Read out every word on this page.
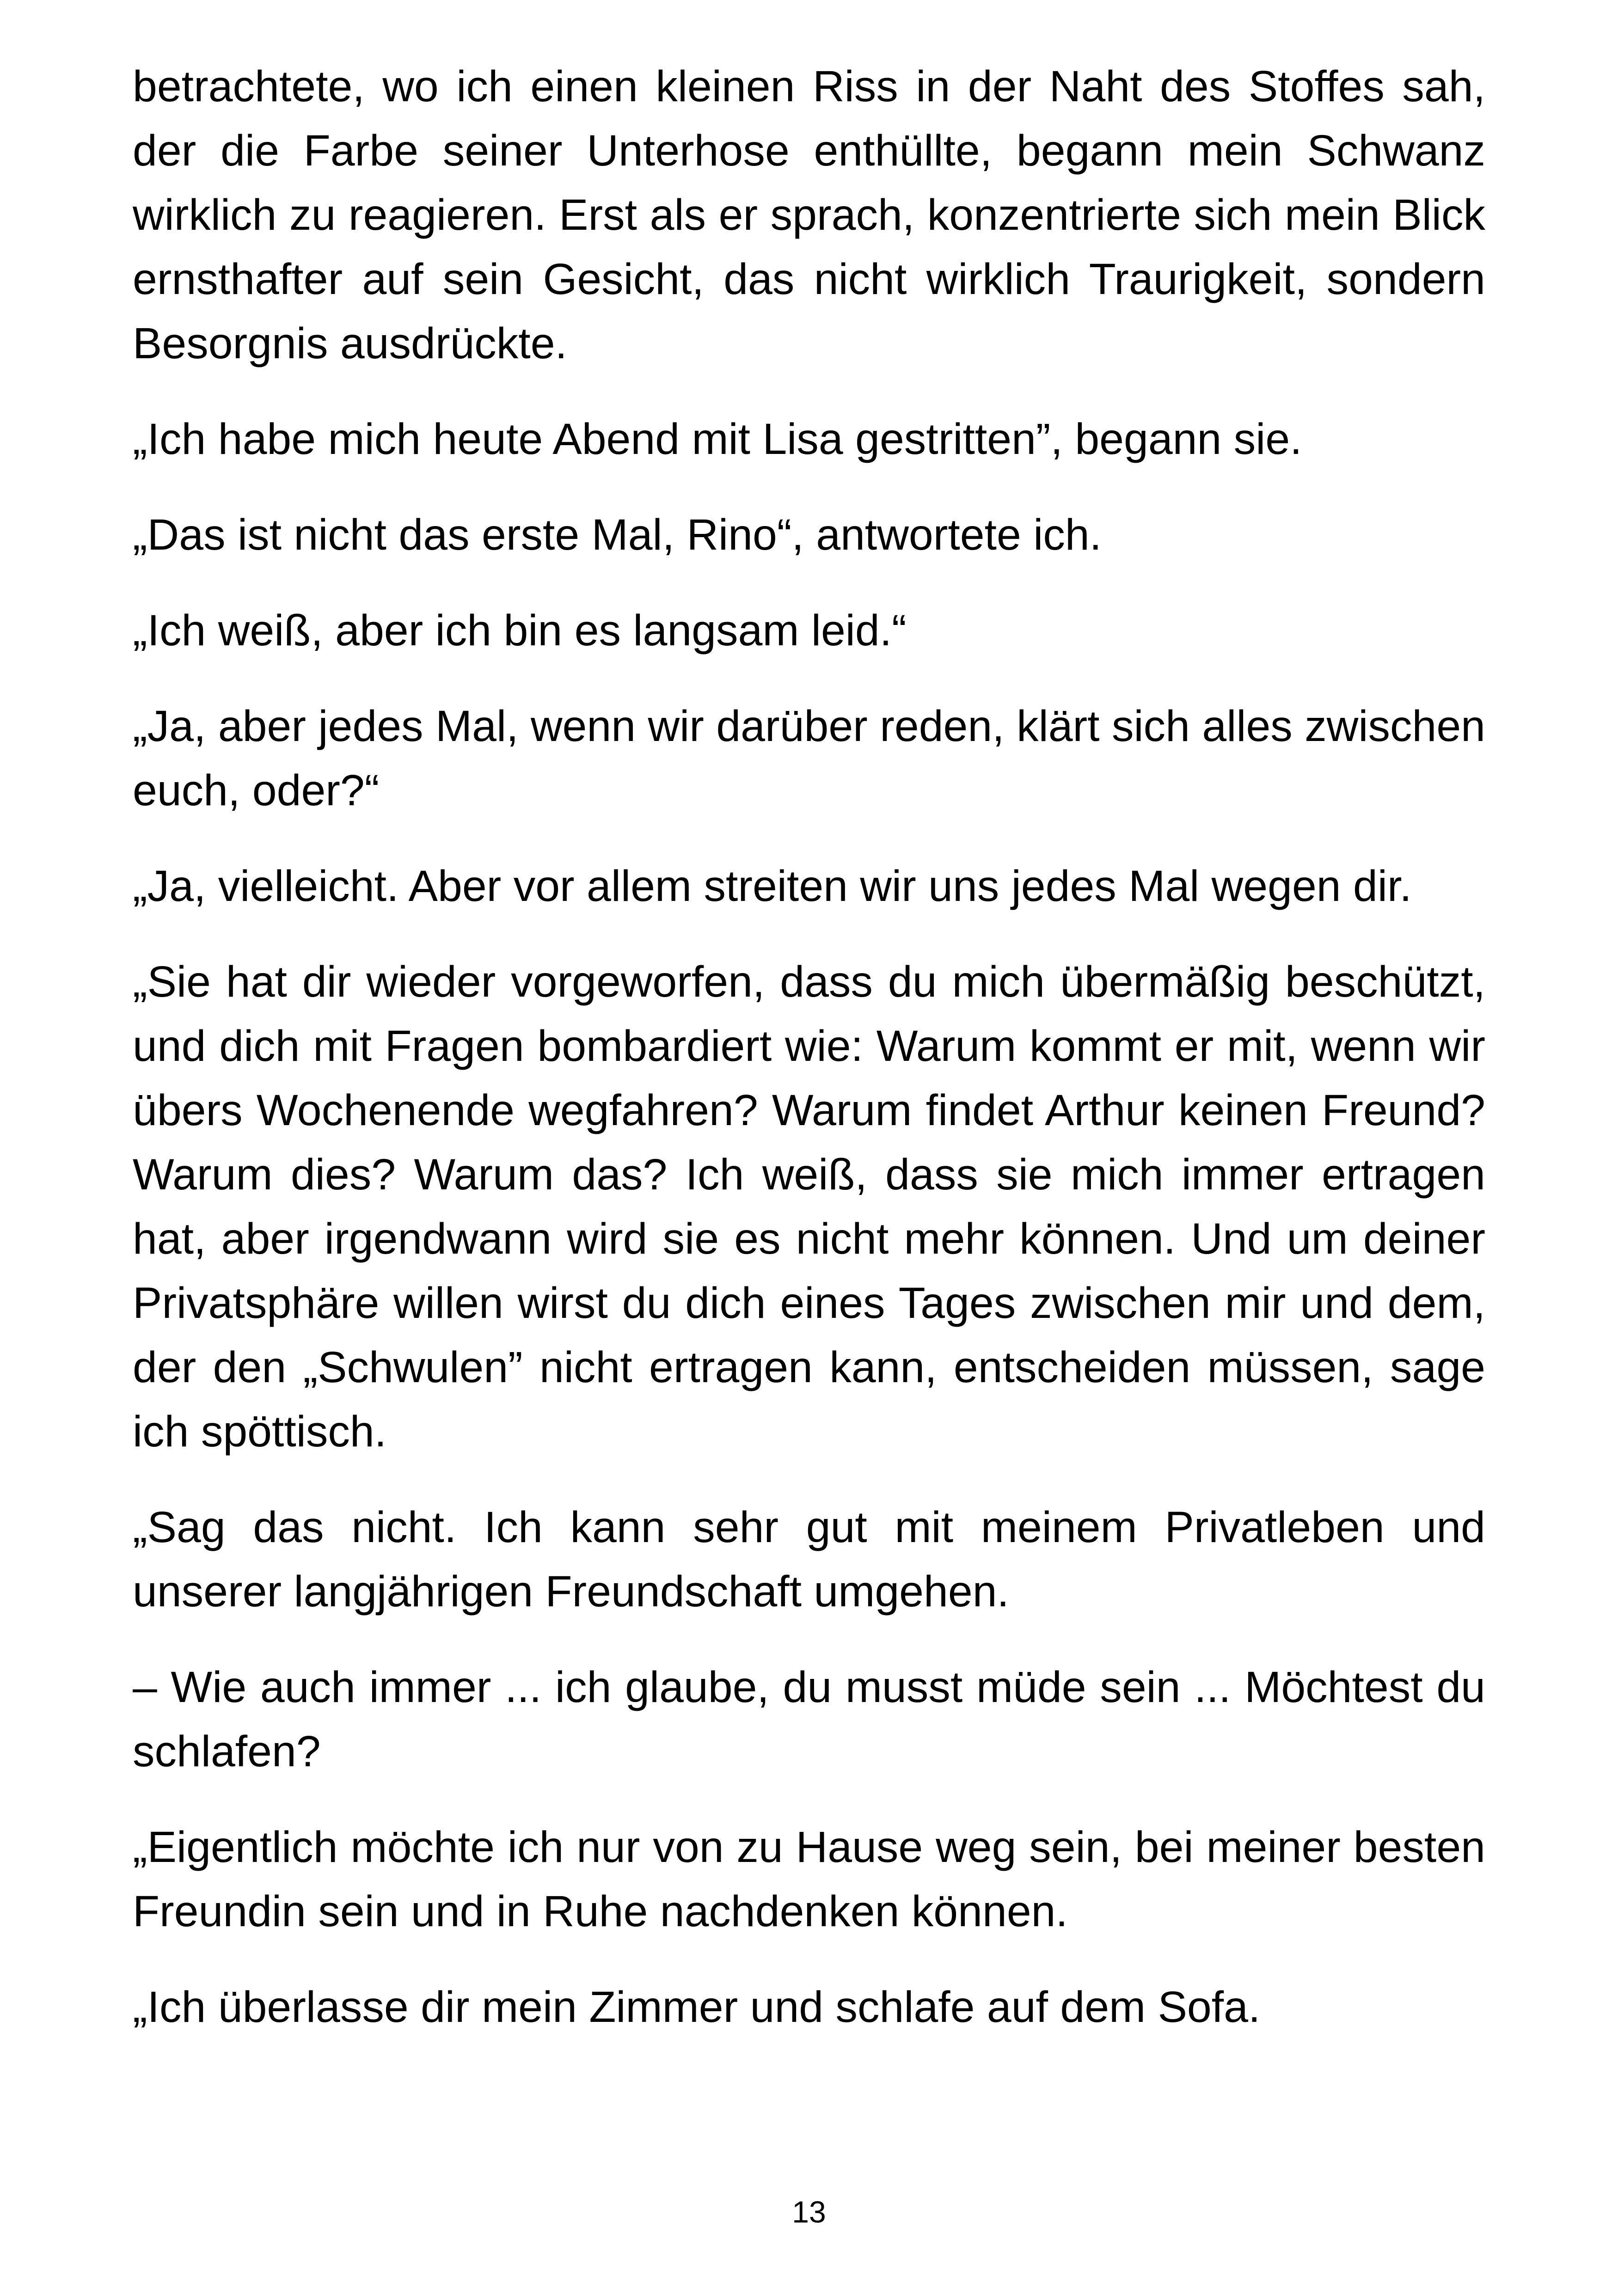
betrachtete, wo ich einen kleinen Riss in der Naht des Stoffes sah, der die Farbe seiner Unterhose enthüllte, begann mein Schwanz wirklich zu reagieren. Erst als er sprach, konzentrierte sich mein Blick ernsthafter auf sein Gesicht, das nicht wirklich Traurigkeit, sondern Besorgnis ausdrückte.

„Ich habe mich heute Abend mit Lisa gestritten”, begann sie.

„Das ist nicht das erste Mal, Rino“, antwortete ich.

„Ich weiß, aber ich bin es langsam leid.“

„Ja, aber jedes Mal, wenn wir darüber reden, klärt sich alles zwischen euch, oder?“

„Ja, vielleicht. Aber vor allem streiten wir uns jedes Mal wegen dir.

„Sie hat dir wieder vorgeworfen, dass du mich übermäßig beschützt, und dich mit Fragen bombardiert wie: Warum kommt er mit, wenn wir übers Wochenende wegfahren? Warum findet Arthur keinen Freund? Warum dies? Warum das? Ich weiß, dass sie mich immer ertragen hat, aber irgendwann wird sie es nicht mehr können. Und um deiner Privatsphäre willen wirst du dich eines Tages zwischen mir und dem, der den „Schwulen” nicht ertragen kann, entscheiden müssen, sage ich spöttisch.

„Sag das nicht. Ich kann sehr gut mit meinem Privatleben und unserer langjährigen Freundschaft umgehen.

– Wie auch immer ... ich glaube, du musst müde sein ... Möchtest du schlafen?

„Eigentlich möchte ich nur von zu Hause weg sein, bei meiner besten Freundin sein und in Ruhe nachdenken können.

„Ich überlasse dir mein Zimmer und schlafe auf dem Sofa.

13
